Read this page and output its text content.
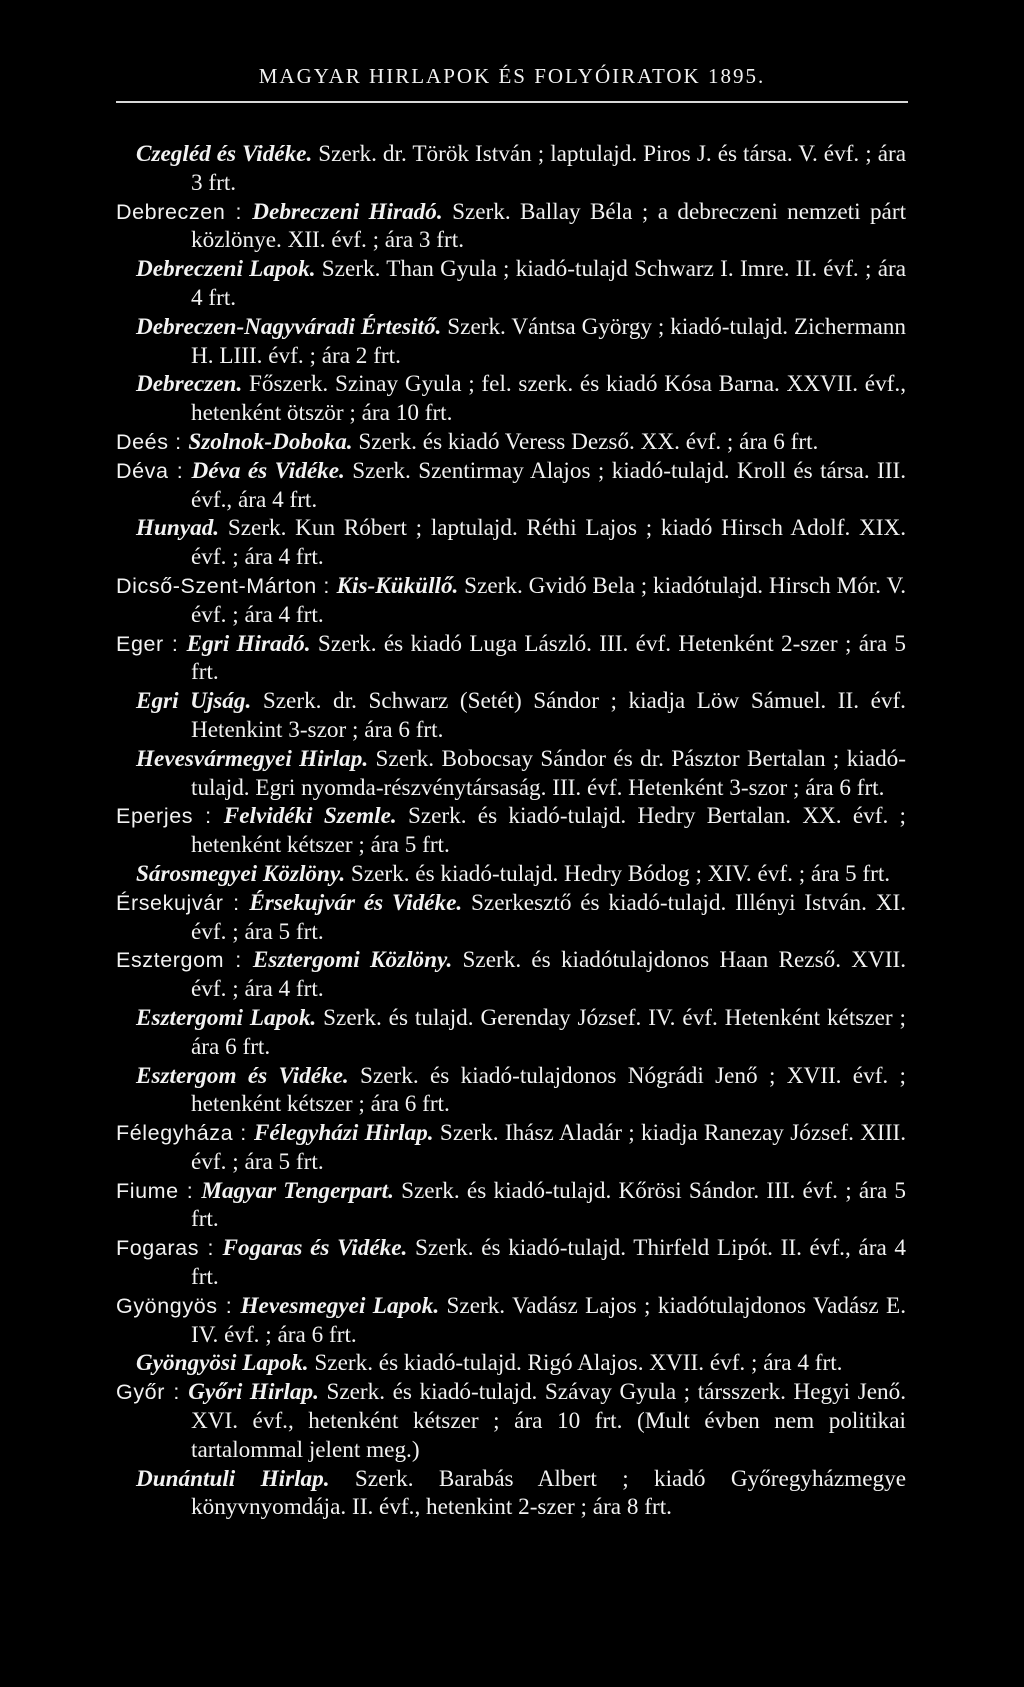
MAGYAR HIRLAPOK ÉS FOLYÓIRATOK 1895.

Czegléd és Vidéke. Szerk. dr. Török István ; laptulajd. Piros J. és társa. V. évf. ; ára 3 frt.

Debreczen : Debreczeni Hiradó. Szerk. Ballay Béla ; a debreczeni nemzeti párt közlönye. XII. évf. ; ára 3 frt.

Debreczeni Lapok. Szerk. Than Gyula ; kiadó-tulajd Schwarz I. Imre. II. évf. ; ára 4 frt.

Debreczen-Nagyváradi Értesitő. Szerk. Vántsa György ; kiadó-tulajd. Zichermann H. LIII. évf. ; ára 2 frt.

Debreczen. Főszerk. Szinay Gyula ; fel. szerk. és kiadó Kósa Barna. XXVII. évf., hetenként ötször ; ára 10 frt.

Deés : Szolnok-Doboka. Szerk. és kiadó Veress Dezső. XX. évf. ; ára 6 frt.

Déva : Déva és Vidéke. Szerk. Szentirmay Alajos ; kiadó-tulajd. Kroll és társa. III. évf., ára 4 frt.

Hunyad. Szerk. Kun Róbert ; laptulajd. Réthi Lajos ; kiadó Hirsch Adolf. XIX. évf. ; ára 4 frt.

Dicső-Szent-Márton : Kis-Küküllő. Szerk. Gvidó Bela ; kiadótulajd. Hirsch Mór. V. évf. ; ára 4 frt.

Eger : Egri Hiradó. Szerk. és kiadó Luga László. III. évf. Hetenként 2-szer ; ára 5 frt.

Egri Ujság. Szerk. dr. Schwarz (Setét) Sándor ; kiadja Löw Sámuel. II. évf. Hetenkint 3-szor ; ára 6 frt.

Hevesvármegyei Hirlap. Szerk. Bobocsay Sándor és dr. Pásztor Bertalan ; kiadó-tulajd. Egri nyomda-részvénytársaság. III. évf. Hetenként 3-szor ; ára 6 frt.

Eperjes : Felvidéki Szemle. Szerk. és kiadó-tulajd. Hedry Bertalan. XX. évf. ; hetenként kétszer ; ára 5 frt.

Sárosmegyei Közlöny. Szerk. és kiadó-tulajd. Hedry Bódog ; XIV. évf. ; ára 5 frt.

Érsekujvár : Érsekujvár és Vidéke. Szerkesztő és kiadó-tulajd. Illényi István. XI. évf. ; ára 5 frt.

Esztergom : Esztergomi Közlöny. Szerk. és kiadótulajdonos Haan Rezső. XVII. évf. ; ára 4 frt.

Esztergomi Lapok. Szerk. és tulajd. Gerenday József. IV. évf. Hetenként kétszer ; ára 6 frt.

Esztergom és Vidéke. Szerk. és kiadó-tulajdonos Nógrádi Jenő ; XVII. évf. ; hetenként kétszer ; ára 6 frt.

Félegyháza : Félegyházi Hirlap. Szerk. Ihász Aladár ; kiadja Ranezay József. XIII. évf. ; ára 5 frt.

Fiume : Magyar Tengerpart. Szerk. és kiadó-tulajd. Kőrösi Sándor. III. évf. ; ára 5 frt.

Fogaras : Fogaras és Vidéke. Szerk. és kiadó-tulajd. Thirfeld Lipót. II. évf., ára 4 frt.

Gyöngyös : Hevesmegyei Lapok. Szerk. Vadász Lajos ; kiadótulajdonos Vadász E. IV. évf. ; ára 6 frt.

Gyöngyösi Lapok. Szerk. és kiadó-tulajd. Rigó Alajos. XVII. évf. ; ára 4 frt.

Győr : Győri Hirlap. Szerk. és kiadó-tulajd. Szávay Gyula ; társszerk. Hegyi Jenő. XVI. évf., hetenként kétszer ; ára 10 frt. (Mult évben nem politikai tartalommal jelent meg.)

Dunántuli Hirlap. Szerk. Barabás Albert ; kiadó Győregyházmegye könyvnyomdája. II. évf., hetenkint 2-szer ; ára 8 frt.
